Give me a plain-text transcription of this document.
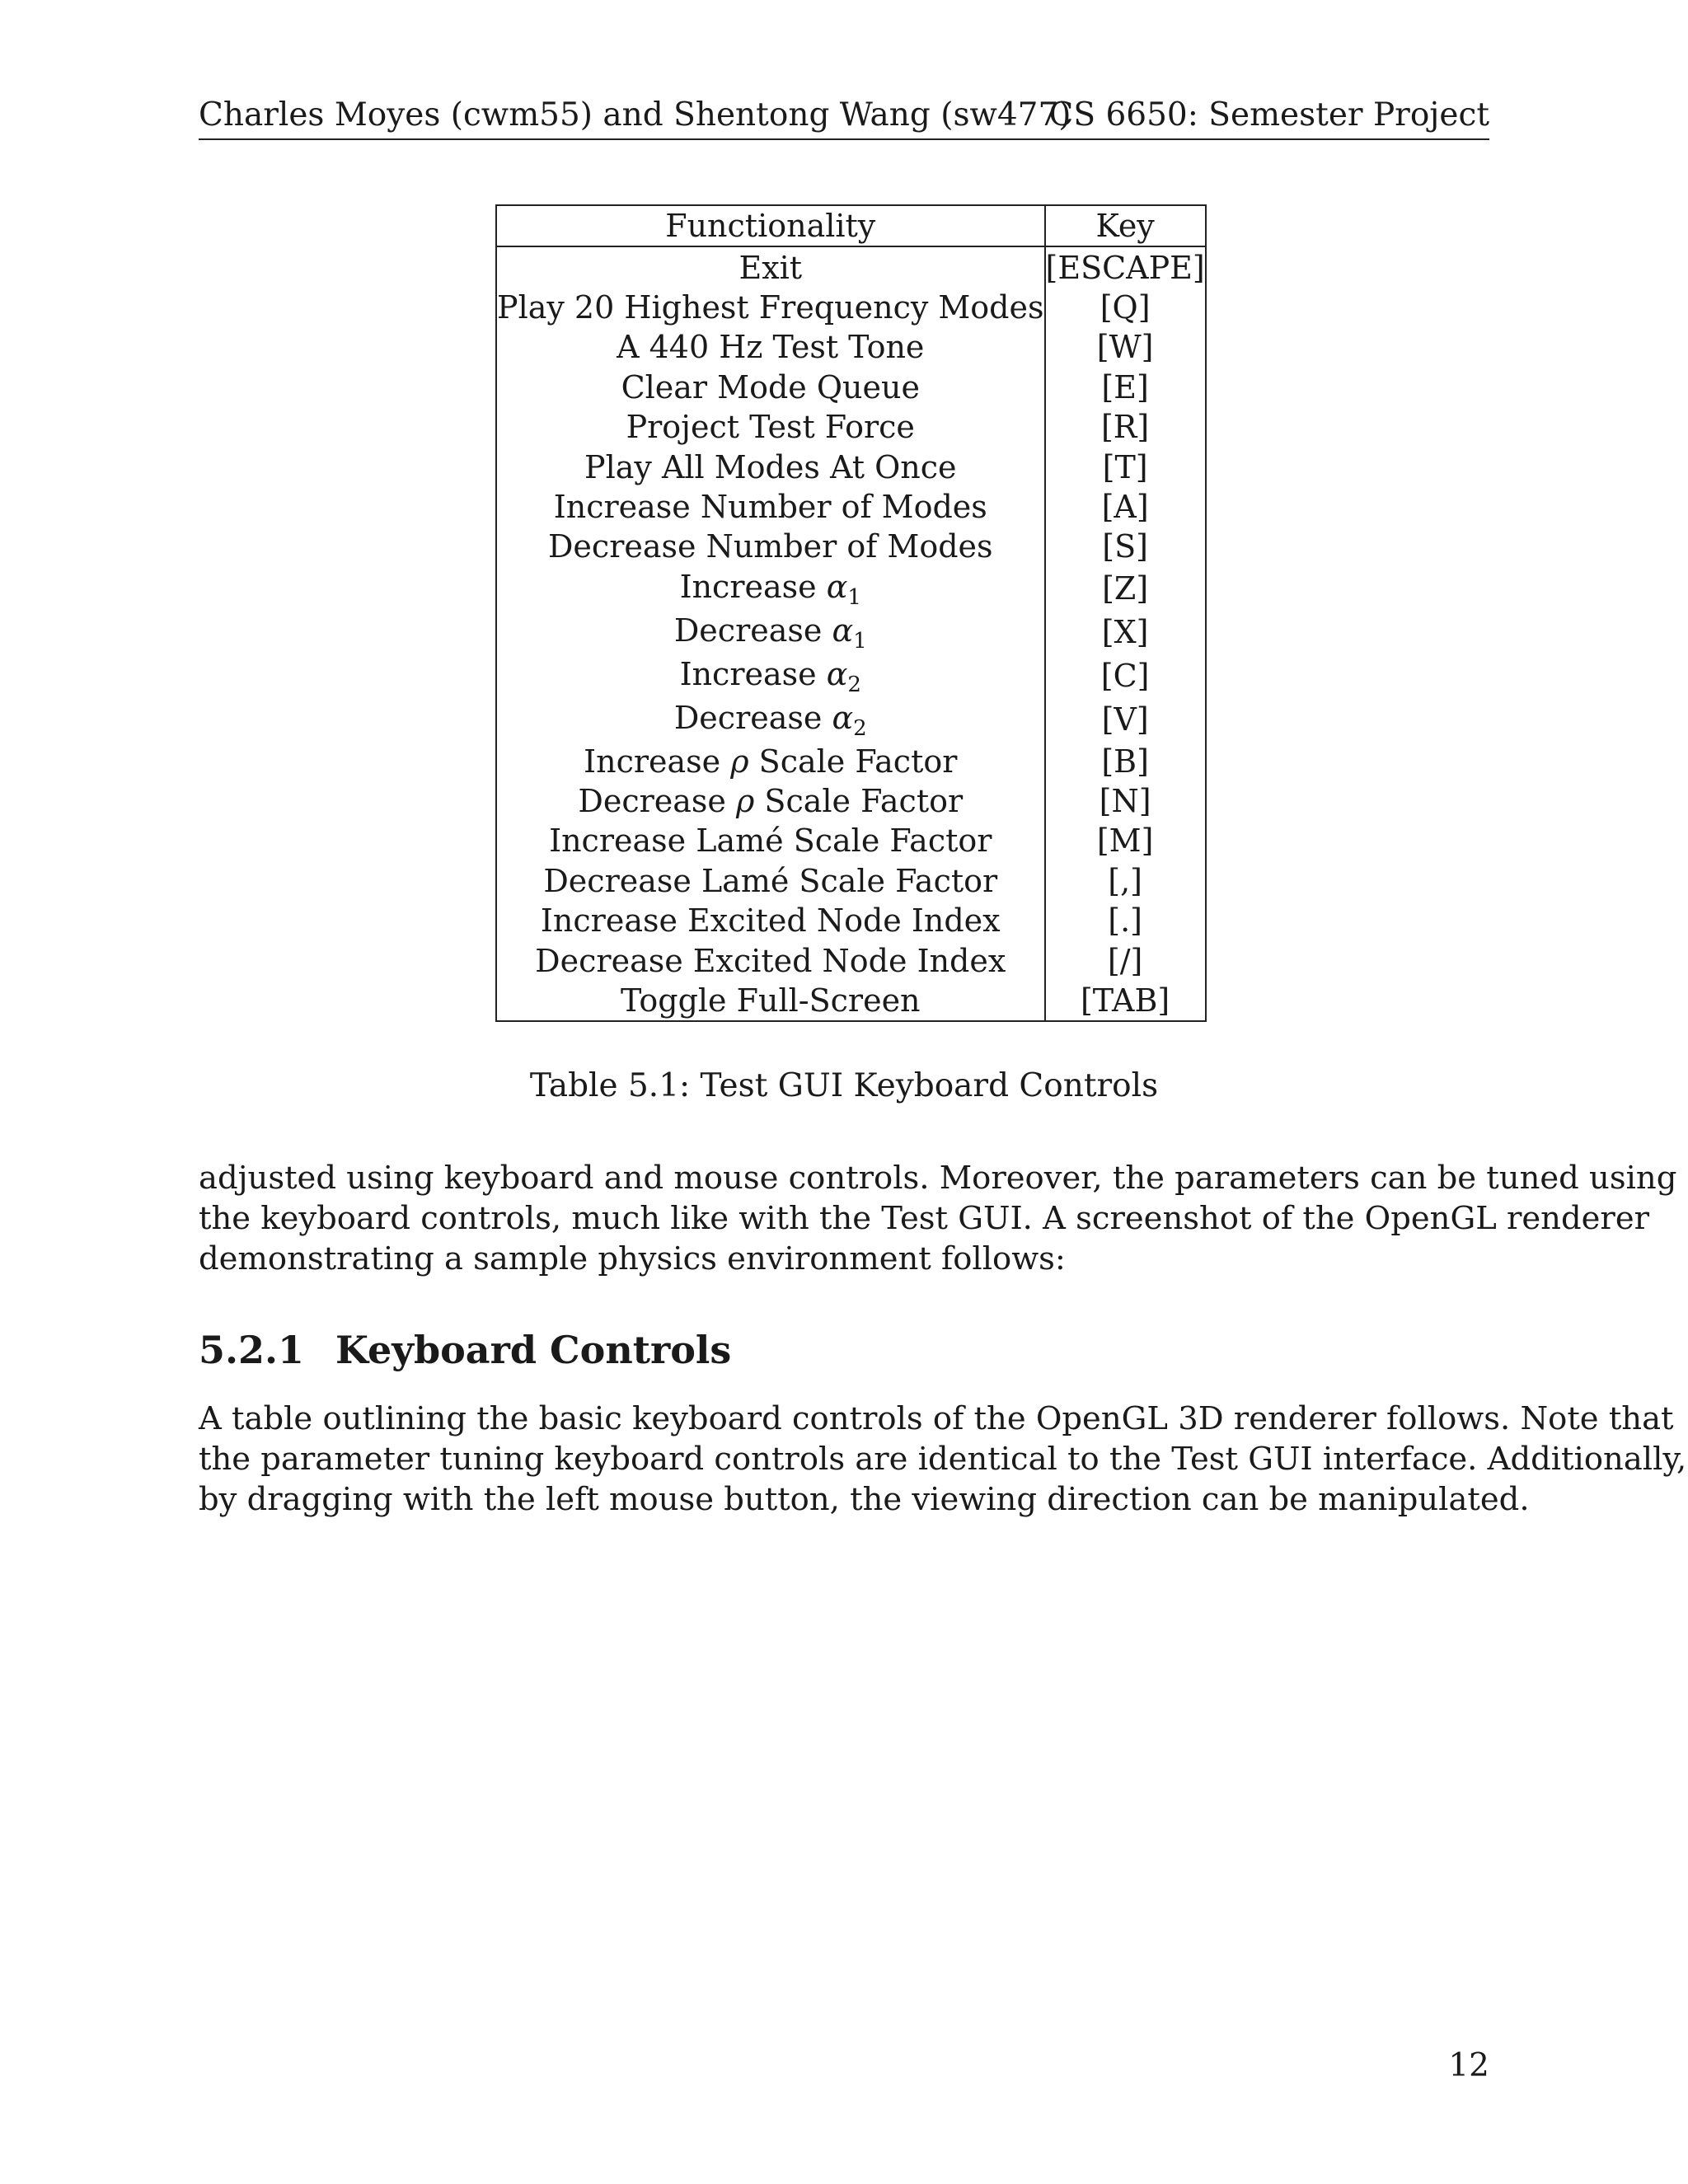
Charles Moyes (cwm55) and Shentong Wang (sw477)
CS 6650: Semester Project
Functionality	Key
Exit	[ESCAPE]
Play 20 Highest Frequency Modes	[Q]
A 440 Hz Test Tone	[W]
Clear Mode Queue	[E]
Project Test Force	[R]
Play All Modes At Once	[T]
Increase Number of Modes	[A]
Decrease Number of Modes	[S]
Increase $\alpha_1$	[Z]
Decrease $\alpha_1$	[X]
Increase $\alpha_2$	[C]
Decrease $\alpha_2$	[V]
Increase ρ Scale Factor	[B]
Decrease ρ Scale Factor	[N]
Increase Lamé Scale Factor	[M]
Decrease Lamé Scale Factor	[,]
Increase Excited Node Index	[.]
Decrease Excited Node Index	[/]
Toggle Full-Screen	[TAB]
Table 5.1: Test GUI Keyboard Controls
adjusted using keyboard and mouse controls. Moreover, the parameters can be tuned using
the keyboard controls, much like with the Test GUI. A screenshot of the OpenGL renderer
demonstrating a sample physics environment follows:
5.2.1 Keyboard Controls
A table outlining the basic keyboard controls of the OpenGL 3D renderer follows. Note that
the parameter tuning keyboard controls are identical to the Test GUI interface. Additionally,
by dragging with the left mouse button, the viewing direction can be manipulated.
12
